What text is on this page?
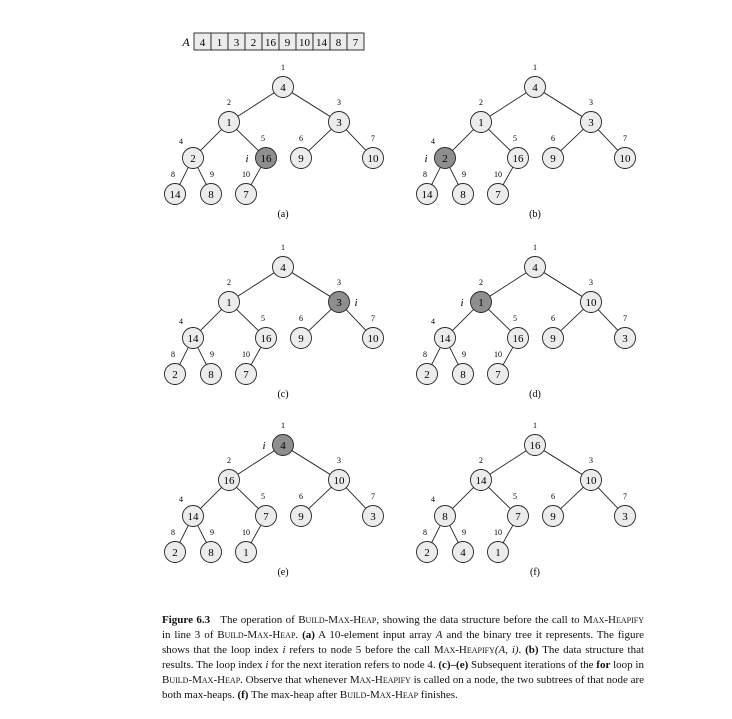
A 4 1 3 2 16 9 10 14 8 7
4
1
1
2
3
3
2
4
16
5
9
6
10
7
14
8
8
9
7
10
i
(a)
4
1
1
2
3
3
2
4
16
5
9
6
10
7
14
8
8
9
7
10
i
(b)
4
1
1
2
3
3
14
4
16
5
9
6
10
7
2
8
8
9
7
10
i
(c)
4
1
1
2
10
3
14
4
16
5
9
6
3
7
2
8
8
9
7
10
i
(d)
4
1
16
2
10
3
14
4
7
5
9
6
3
7
2
8
8
9
1
10
i
(e)
16
1
14
2
10
3
8
4
7
5
9
6
3
7
2
8
4
9
1
10
(f)
Figure 6.3 The operation of Build-Max-Heap, showing the data structure before the call to Max-Heapify in line 3 of Build-Max-Heap. (a) A 10-element input array A and the binary tree it represents. The figure shows that the loop index i refers to node 5 before the call Max-Heapify(A, i). (b) The data structure that results. The loop index i for the next iteration refers to node 4. (c)–(e) Subsequent iterations of the for loop in Build-Max-Heap. Observe that whenever Max-Heapify is called on a node, the two subtrees of that node are both max-heaps. (f) The max-heap after Build-Max-Heap finishes.
